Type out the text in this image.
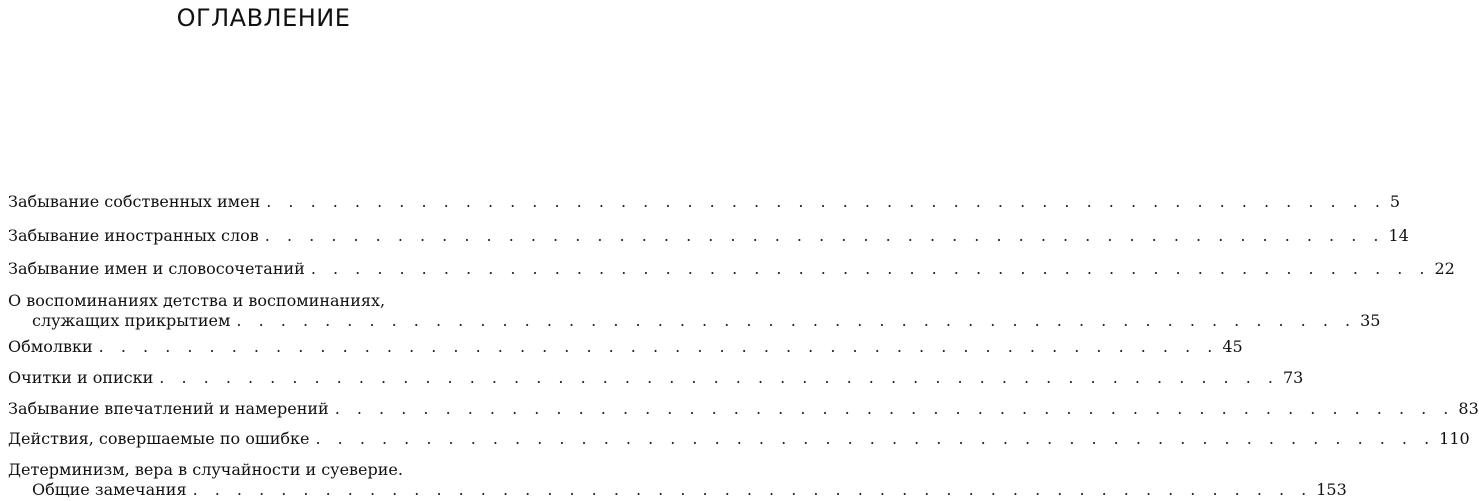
ОГЛАВЛЕНИЕ
Забывание собственных имен . . . . . . . . . . . . . . . . . . . . . . . . . . . . . . . . . . . . . . . . . . . . . . . . . . . 5
Забывание иностранных слов . . . . . . . . . . . . . . . . . . . . . . . . . . . . . . . . . . . . . . . . . . . . . . . . . . . 14
Забывание имен и словосочетаний . . . . . . . . . . . . . . . . . . . . . . . . . . . . . . . . . . . . . . . . . . . . . . . . . . . 22
О воспоминаниях детства и воспоминаниях,
служащих прикрытием . . . . . . . . . . . . . . . . . . . . . . . . . . . . . . . . . . . . . . . . . . . . . . . . . . . 35
Обмолвки . . . . . . . . . . . . . . . . . . . . . . . . . . . . . . . . . . . . . . . . . . . . . . . . . . . 45
Очитки и описки . . . . . . . . . . . . . . . . . . . . . . . . . . . . . . . . . . . . . . . . . . . . . . . . . . . 73
Забывание впечатлений и намерений . . . . . . . . . . . . . . . . . . . . . . . . . . . . . . . . . . . . . . . . . . . . . . . . . . . 83
Действия, совершаемые по ошибке . . . . . . . . . . . . . . . . . . . . . . . . . . . . . . . . . . . . . . . . . . . . . . . . . . . 110
Детерминизм, вера в случайности и суеверие.
Общие замечания . . . . . . . . . . . . . . . . . . . . . . . . . . . . . . . . . . . . . . . . . . . . . . . . . . . 153
